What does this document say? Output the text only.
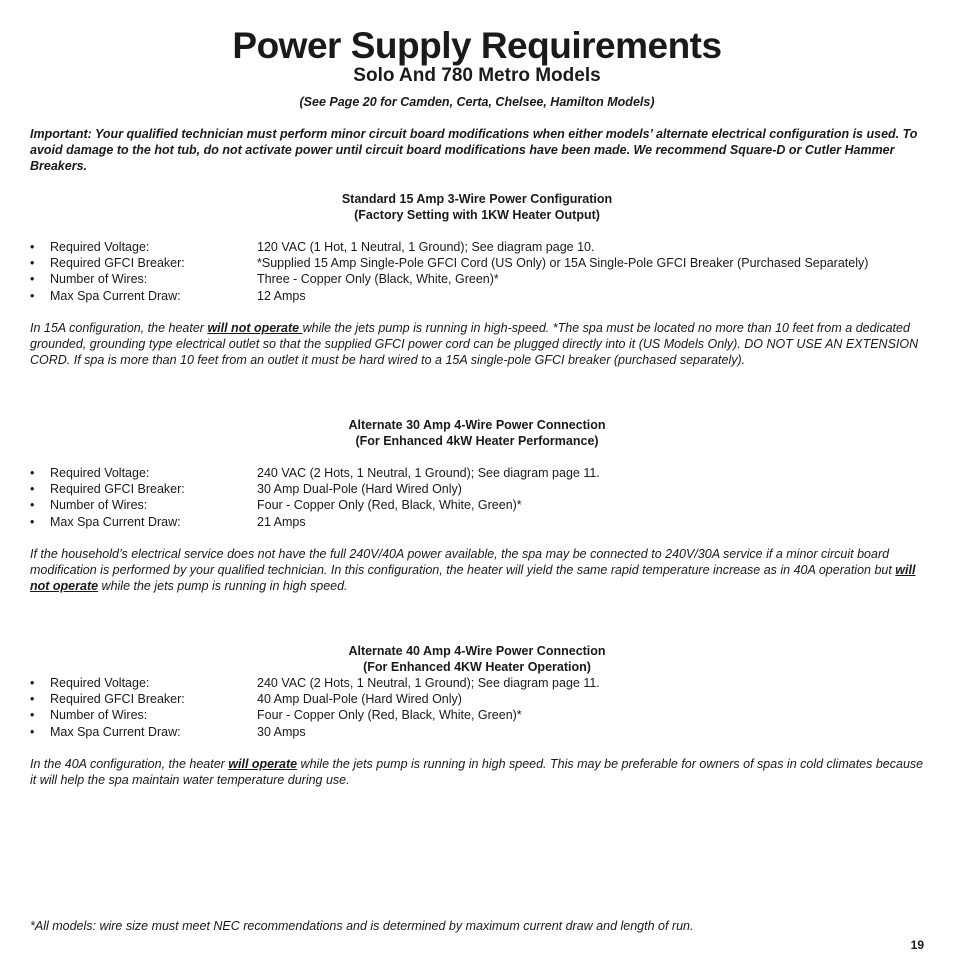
Power Supply Requirements
Solo And 780 Metro Models

(See Page 20 for Camden, Certa, Chelsee, Hamilton Models)

Important: Your qualified technician must perform minor circuit board modifications when either models’ alternate electrical configuration is used. To avoid damage to the hot tub, do not activate power until circuit board modifications have been made. We recommend Square-D or Cutler Hammer Breakers.

Standard 15 Amp 3-Wire Power Configuration
(Factory Setting with 1KW Heater Output)
• Required Voltage:	120 VAC (1 Hot, 1 Neutral, 1 Ground); See diagram page 10.
• Required GFCI Breaker:	*Supplied 15 Amp Single-Pole GFCI Cord (US Only) or 15A Single-Pole GFCI Breaker (Purchased Separately)
• Number of Wires:	Three - Copper Only (Black, White, Green)*
• Max Spa Current Draw:	12 Amps

In 15A configuration, the heater will not operate while the jets pump is running in high-speed. *The spa must be located no more than 10 feet from a dedicated grounded, grounding type electrical outlet so that the supplied GFCI power cord can be plugged directly into it (US Models Only). DO NOT USE AN EXTENSION CORD. If spa is more than 10 feet from an outlet it must be hard wired to a 15A single-pole GFCI breaker (purchased separately).

Alternate 30 Amp 4-Wire Power Connection
(For Enhanced 4kW Heater Performance)
• Required Voltage:	240 VAC (2 Hots, 1 Neutral, 1 Ground); See diagram page 11.
• Required GFCI Breaker:	30 Amp Dual-Pole (Hard Wired Only)
• Number of Wires:	Four - Copper Only (Red, Black, White, Green)*
• Max Spa Current Draw:	21 Amps

If the household’s electrical service does not have the full 240V/40A power available, the spa may be connected to 240V/30A service if a minor circuit board modification is performed by your qualified technician. In this configuration, the heater will yield the same rapid temperature increase as in 40A operation but will not operate while the jets pump is running in high speed.

Alternate 40 Amp 4-Wire Power Connection
(For Enhanced 4KW Heater Operation)
• Required Voltage:	240 VAC (2 Hots, 1 Neutral, 1 Ground); See diagram page 11.
• Required GFCI Breaker:	40 Amp Dual-Pole (Hard Wired Only)
• Number of Wires:	Four - Copper Only (Red, Black, White, Green)*
• Max Spa Current Draw:	30 Amps

In the 40A configuration, the heater will operate while the jets pump is running in high speed. This may be preferable for owners of spas in cold climates because it will help the spa maintain water temperature during use.

*All models: wire size must meet NEC recommendations and is determined by maximum current draw and length of run.

19
